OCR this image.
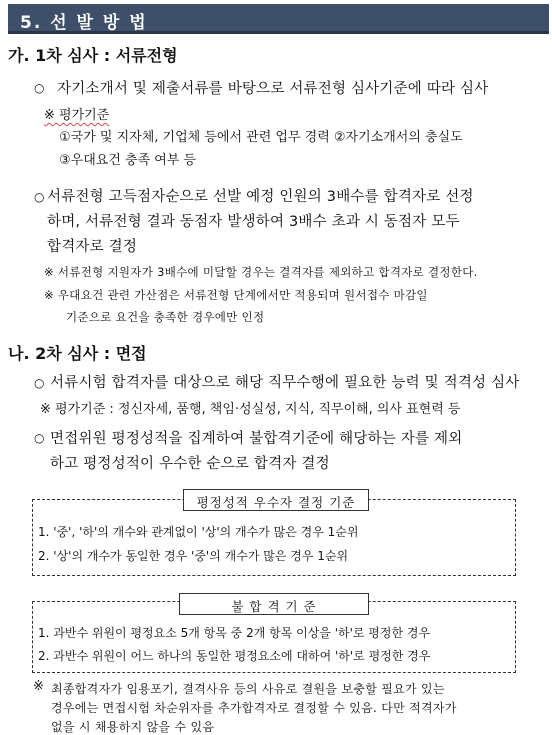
5. 선 발 방 법
가. 1차 심사 : 서류전형
○ 자기소개서 및 제출서류를 바탕으로 서류전형 심사기준에 따라 심사
※ 평가기준
①국가 및 지자체, 기업체 등에서 관련 업무 경력 ②자기소개서의 충실도
③우대요건 충족 여부 등
○ 서류전형 고득점자순으로 선발 예정 인원의 3배수를 합격자로 선정
하며, 서류전형 결과 동점자 발생하여 3배수 초과 시 동점자 모두
합격자로 결정
※ 서류전형 지원자가 3배수에 미달할 경우는 결격자를 제외하고 합격자로 결정한다.
※ 우대요건 관련 가산점은 서류전형 단계에서만 적용되며 원서접수 마감일
기준으로 요건을 충족한 경우에만 인정
나. 2차 심사 : 면접
○ 서류시험 합격자를 대상으로 해당 직무수행에 필요한 능력 및 적격성 심사
※ 평가기준 : 정신자세, 품행, 책임·성실성, 지식, 직무이해, 의사 표현력 등
○ 면접위원 평정성적을 집계하여 불합격기준에 해당하는 자를 제외
하고 평정성적이 우수한 순으로 합격자 결정
평정성적 우수자 결정 기준
1. '중', '하'의 개수와 관계없이 '상'의 개수가 많은 경우 1순위
2. '상'의 개수가 동일한 경우 '중'의 개수가 많은 경우 1순위
불 합 격 기 준
1. 과반수 위원이 평정요소 5개 항목 중 2개 항목 이상을 '하'로 평정한 경우
2. 과반수 위원이 어느 하나의 동일한 평정요소에 대하여 '하'로 평정한 경우
※ 최종합격자가 임용포기, 결격사유 등의 사유로 결원을 보충할 필요가 있는
경우에는 면접시험 차순위자를 추가합격자로 결정할 수 있음. 다만 적격자가
없을 시 채용하지 않을 수 있음
